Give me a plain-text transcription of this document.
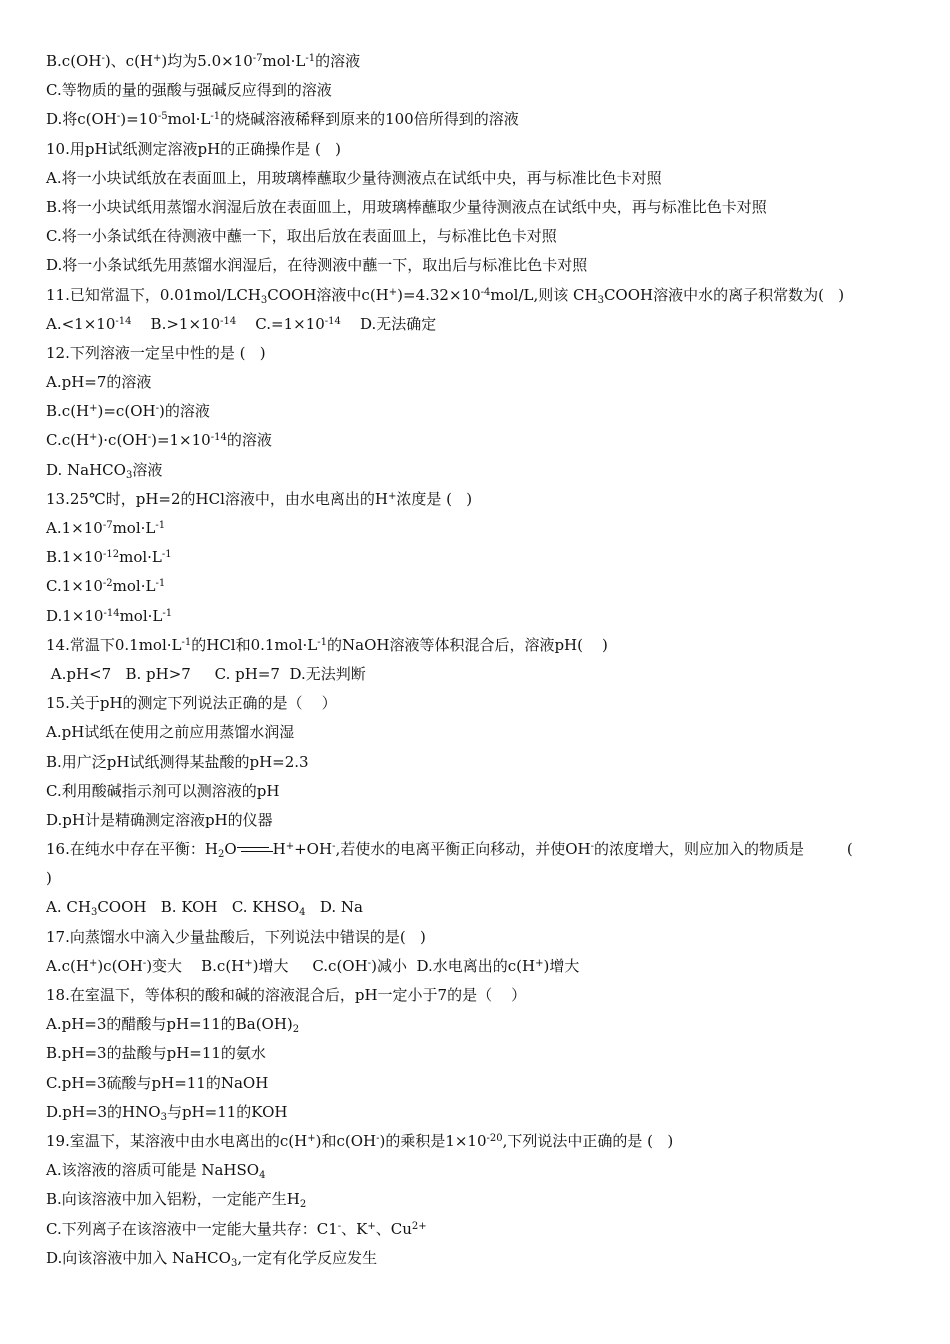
B.c(OH-)、c(H+)均为$5.0\times 10^{-7}mol\cdot L^{-1}$的溶液
C.等物质的量的强酸与强碱反应得到的溶液
D.将$c(OH^-)=10^{-5}mol\cdot L^{-1}$的烧碱溶液稀释到原来的100倍所得到的溶液
10.用pH试纸测定溶液pH的正确操作是 (   )
A.将一小块试纸放在表面皿上，用玻璃棒蘸取少量待测液点在试纸中央，再与标准比色卡对照
B.将一小块试纸用蒸馏水润湿后放在表面皿上，用玻璃棒蘸取少量待测液点在试纸中央，再与标准比色卡对照
C.将一小条试纸在待测液中蘸一下，取出后放在表面皿上，与标准比色卡对照
D.将一小条试纸先用蒸馏水润湿后，在待测液中蘸一下，取出后与标准比色卡对照
11.已知常温下，$0.01mol/LCH_3COOH$溶液中$c(H^+)=4.32\times 10^{-4}mol/L$,则该 $CH_3COOH$溶液中水的离子积常数为(   )
$A.<1\times 10^{-14}$    $B.>1\times 10^{-14}$    $C.=1\times 10^{-14}$    D.无法确定
12.下列溶液一定呈中性的是 (   )
A.pH=7的溶液
B.c(H+)=c(OH-)的溶液
$C.c(H^+)\cdot c(OH^-)=1\times 10^{-14}$的溶液
D. NaHCO$_3$溶液
13.25℃时，pH=2的HCl溶液中，由水电离出的H+浓度是 (   )
$A.1\times 10^{-7}mol\cdot L^{-1}$
$B.1\times 10^{-12}mol\cdot L^{-1}$
$C.1\times 10^{-2}mol\cdot L^{-1}$
$D.1\times 10^{-14}mol\cdot L^{-1}$
14.常温下$0.1mol\cdot L^{-1}$的HCl和$0.1mol\cdot L^{-1}$的NaOH溶液等体积混合后，溶液pH(    )
A.pH<7   B. pH>7     C. pH=7  D.无法判断
15.关于pH的测定下列说法正确的是（    ）
A.pH试纸在使用之前应用蒸馏水润湿
B.用广泛pH试纸测得某盐酸的pH=2.3
C.利用酸碱指示剂可以测溶液的pH
D.pH计是精确测定溶液pH的仪器
16.在纯水中存在平衡：$H_2O$ H++OH-,若使水的电离平衡正向移动，并使OH-的浓度增大，则应加入的物质是         (
)
A. $CH_3COOH$   B. KOH   C. $KHSO_4$   D. Na
17.向蒸馏水中滴入少量盐酸后，下列说法中错误的是(   )
A.c(H+)c(OH-)变大    B.c(H+)增大     C.c(OH-)减小  D.水电离出的c(H+)增大
18.在室温下，等体积的酸和碱的溶液混合后，pH一定小于7的是（    ）
A.pH=3的醋酸与pH=11的$Ba(OH)_2$
B.pH=3的盐酸与pH=11的氨水
C.pH=3硫酸与pH=11的NaOH
D.pH=3的$HNO_3$与pH=11的KOH
19.室温下，某溶液中由水电离出的c(H+)和c(OH-)的乘积是$1\times 10^{-20}$,下列说法中正确的是 (   )
A.该溶液的溶质可能是 NaHSO$_4$
B.向该溶液中加入铝粉，一定能产生$H_2$
C.下列离子在该溶液中一定能大量共存：C1-、K+、$Cu^{2+}$
D.向该溶液中加入 NaHCO$_3$,一定有化学反应发生
